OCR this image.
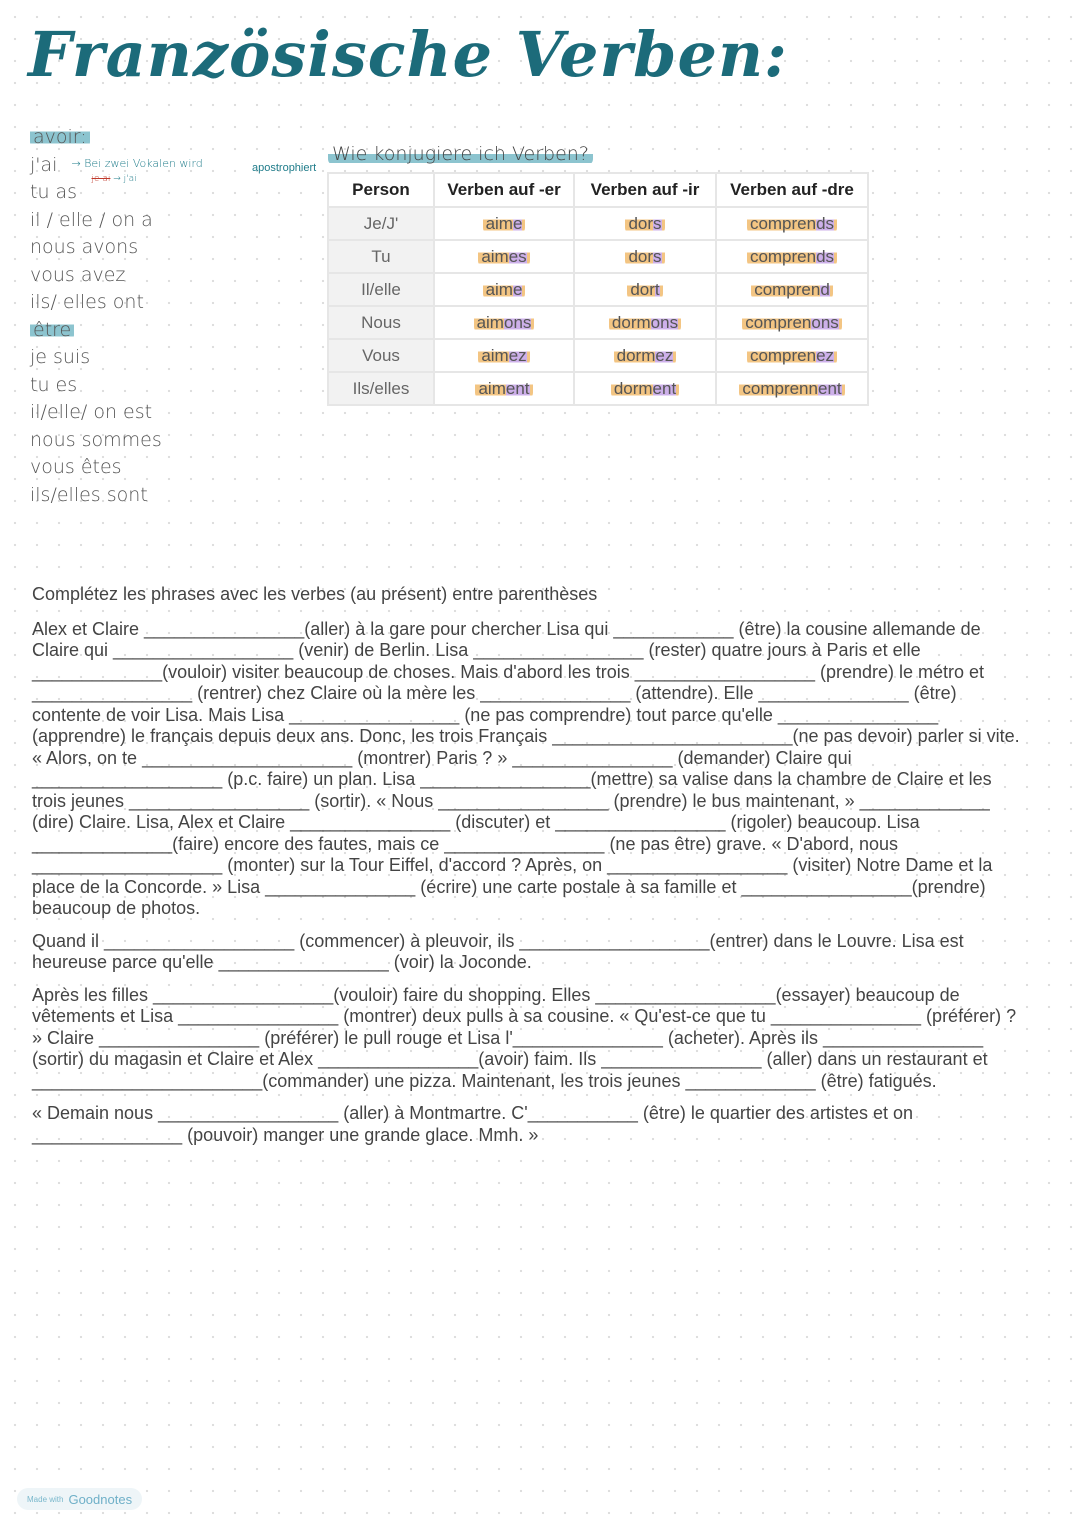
Französische Verben:
avoir:
j'ai $^{\to Bei zwei Vokalen wird je ai \to j'ai}$
tu as
il / elle / on a
nous avons
vous avez
ils/ elles ont
être
je suis
tu es
il/elle/ on est
nous sommes
vous êtes
ils/elles sont
apostrophiert
Wie konjugiere ich Verben?
Person	Verben auf -er	Verben auf -ir	Verben auf -dre
Je/J'	aime	dors	comprends
Tu	aimes	dors	comprends
Il/elle	aime	dort	comprend
Nous	aimons	dormons	comprenons
Vous	aimez	dormez	comprenez
Ils/elles	aiment	dorment	comprennent

Complétez les phrases avec les verbes (au présent) entre parenthèses

Alex et Claire ________________(aller) à la gare pour chercher Lisa qui ____________ (être) la cousine allemande de Claire qui __________________ (venir) de Berlin. Lisa _________________ (rester) quatre jours à Paris et elle _____________(vouloir) visiter beaucoup de choses. Mais d'abord les trois __________________ (prendre) le métro et ________________ (rentrer) chez Claire où la mère les _______________ (attendre). Elle _______________ (être) contente de voir Lisa. Mais Lisa _________________ (ne pas comprendre) tout parce qu'elle ________________ (apprendre) le français depuis deux ans. Donc, les trois Français ________________________(ne pas devoir) parler si vite. « Alors, on te _____________________ (montrer) Paris ? » ________________ (demander) Claire qui ___________________ (p.c. faire) un plan. Lisa _________________(mettre) sa valise dans la chambre de Claire et les trois jeunes __________________ (sortir). « Nous _________________ (prendre) le bus maintenant, » _____________ (dire) Claire. Lisa, Alex et Claire ________________ (discuter) et _________________ (rigoler) beaucoup. Lisa ______________(faire) encore des fautes, mais ce ________________ (ne pas être) grave. « D'abord, nous ___________________ (monter) sur la Tour Eiffel, d'accord ? Après, on __________________ (visiter) Notre Dame et la place de la Concorde. » Lisa _______________ (écrire) une carte postale à sa famille et _________________(prendre) beaucoup de photos.

Quand il ___________________ (commencer) à pleuvoir, ils ___________________(entrer) dans le Louvre. Lisa est heureuse parce qu'elle _________________ (voir) la Joconde.

Après les filles __________________(vouloir) faire du shopping. Elles __________________(essayer) beaucoup de vêtements et Lisa ________________ (montrer) deux pulls à sa cousine. « Qu'est-ce que tu _______________ (préférer) ? » Claire ________________ (préférer) le pull rouge et Lisa l'_______________ (acheter). Après ils ________________ (sortir) du magasin et Claire et Alex ________________(avoir) faim. Ils ________________ (aller) dans un restaurant et _______________________(commander) une pizza. Maintenant, les trois jeunes _____________ (être) fatigués.

« Demain nous __________________ (aller) à Montmartre. C'___________ (être) le quartier des artistes et on _______________ (pouvoir) manger une grande glace. Mmh. »

Made with Goodnotes
